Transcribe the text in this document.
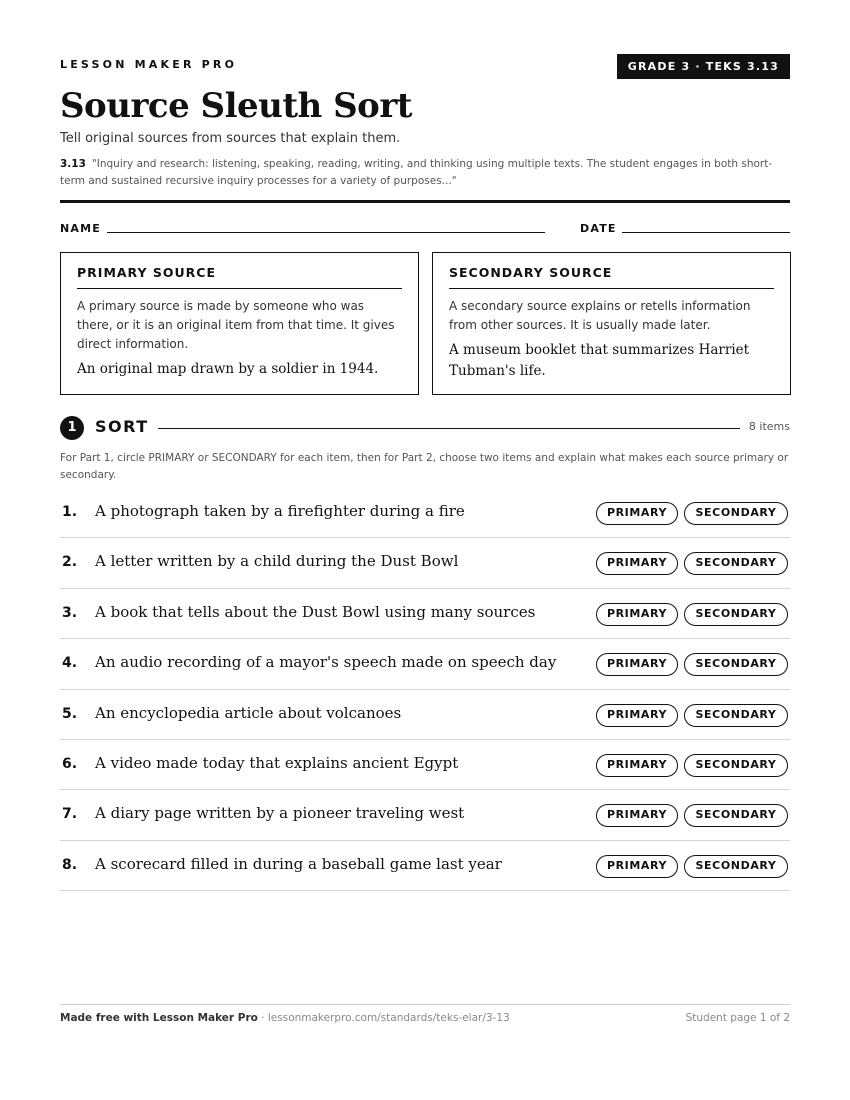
LESSON MAKER PRO	GRADE 3 · TEKS 3.13
Source Sleuth Sort
Tell original sources from sources that explain them.
3.13 "Inquiry and research: listening, speaking, reading, writing, and thinking using multiple texts. The student engages in both short-term and sustained recursive inquiry processes for a variety of purposes..."
NAME	DATE
PRIMARY SOURCE
A primary source is made by someone who was there, or it is an original item from that time. It gives direct information.
An original map drawn by a soldier in 1944.
SECONDARY SOURCE
A secondary source explains or retells information from other sources. It is usually made later.
A museum booklet that summarizes Harriet Tubman's life.
1	SORT	8 items
For Part 1, circle PRIMARY or SECONDARY for each item, then for Part 2, choose two items and explain what makes each source primary or secondary.
1. A photograph taken by a firefighter during a fire	PRIMARY	SECONDARY
2. A letter written by a child during the Dust Bowl	PRIMARY	SECONDARY
3. A book that tells about the Dust Bowl using many sources	PRIMARY	SECONDARY
4. An audio recording of a mayor's speech made on speech day	PRIMARY	SECONDARY
5. An encyclopedia article about volcanoes	PRIMARY	SECONDARY
6. A video made today that explains ancient Egypt	PRIMARY	SECONDARY
7. A diary page written by a pioneer traveling west	PRIMARY	SECONDARY
8. A scorecard filled in during a baseball game last year	PRIMARY	SECONDARY
Made free with Lesson Maker Pro · lessonmakerpro.com/standards/teks-elar/3-13	Student page 1 of 2
